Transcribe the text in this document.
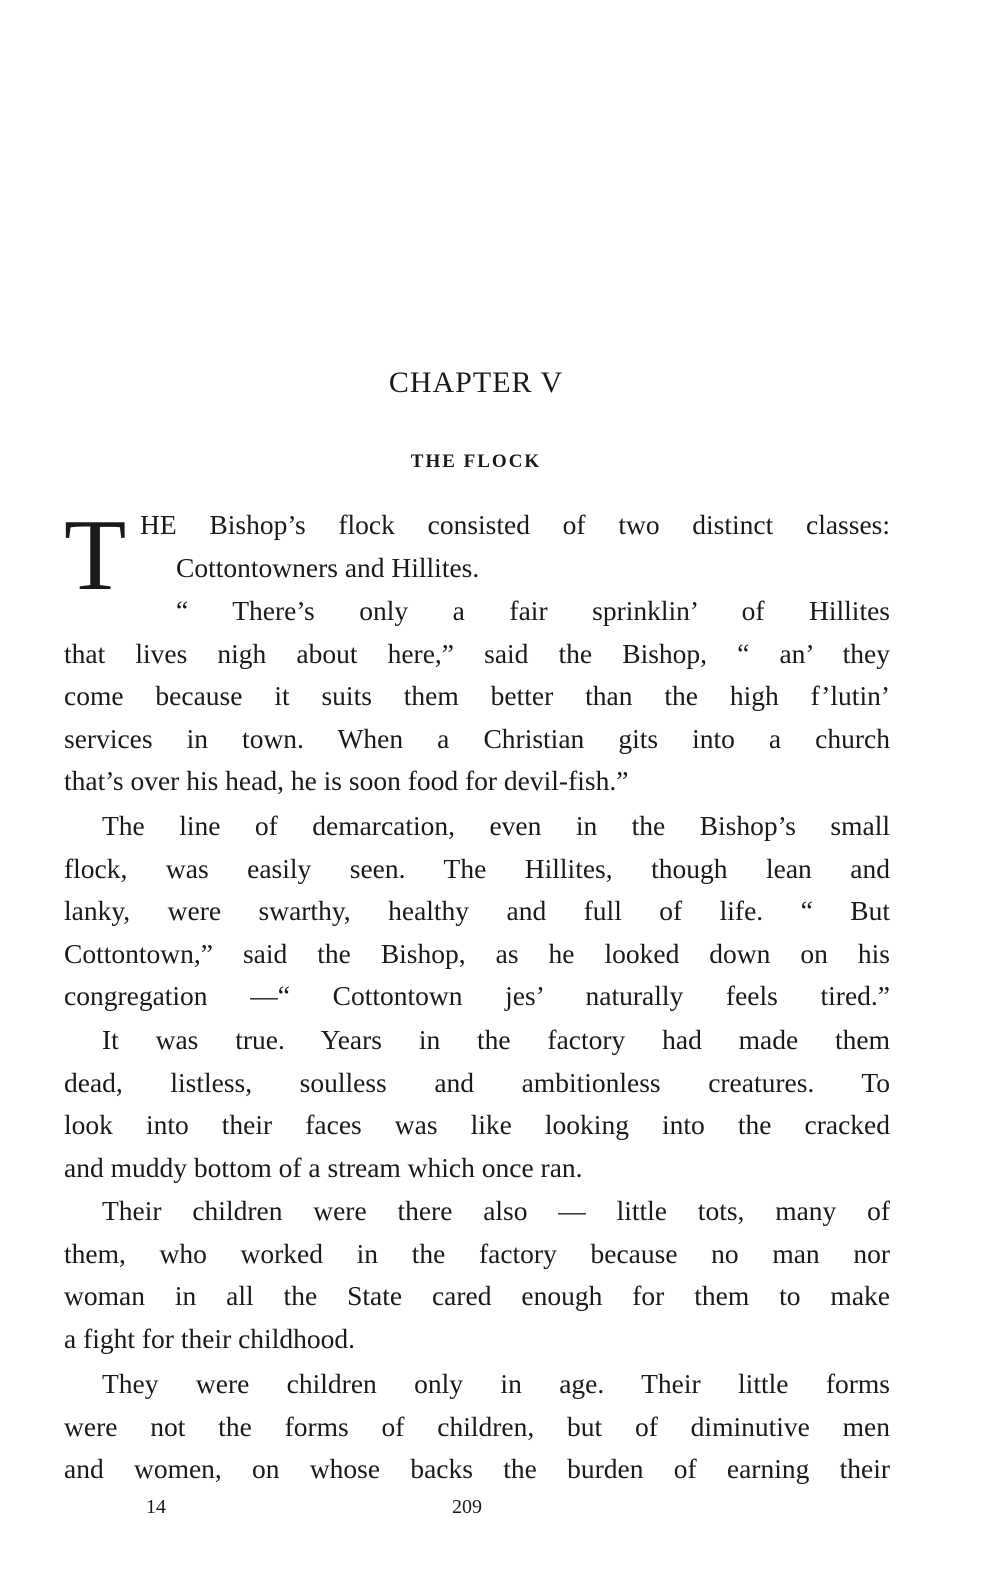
CHAPTER V
THE FLOCK
T HE Bishop’s flock consisted of two distinct classes:
Cottontowners and Hillites.
“ There’s only a fair sprinklin’ of Hillites
that lives nigh about here,” said the Bishop, “ an’ they
come because it suits them better than the high f’lutin’
services in town. When a Christian gits into a church
that’s over his head, he is soon food for devil-fish.”
The line of demarcation, even in the Bishop’s small
flock, was easily seen. The Hillites, though lean and
lanky, were swarthy, healthy and full of life. “ But
Cottontown,” said the Bishop, as he looked down on his
congregation —“ Cottontown jes’ naturally feels tired.”
It was true. Years in the factory had made them
dead, listless, soulless and ambitionless creatures. To
look into their faces was like looking into the cracked
and muddy bottom of a stream which once ran.
Their children were there also — little tots, many of
them, who worked in the factory because no man nor
woman in all the State cared enough for them to make
a fight for their childhood.
They were children only in age. Their little forms
were not the forms of children, but of diminutive men
and women, on whose backs the burden of earning their
14	209
